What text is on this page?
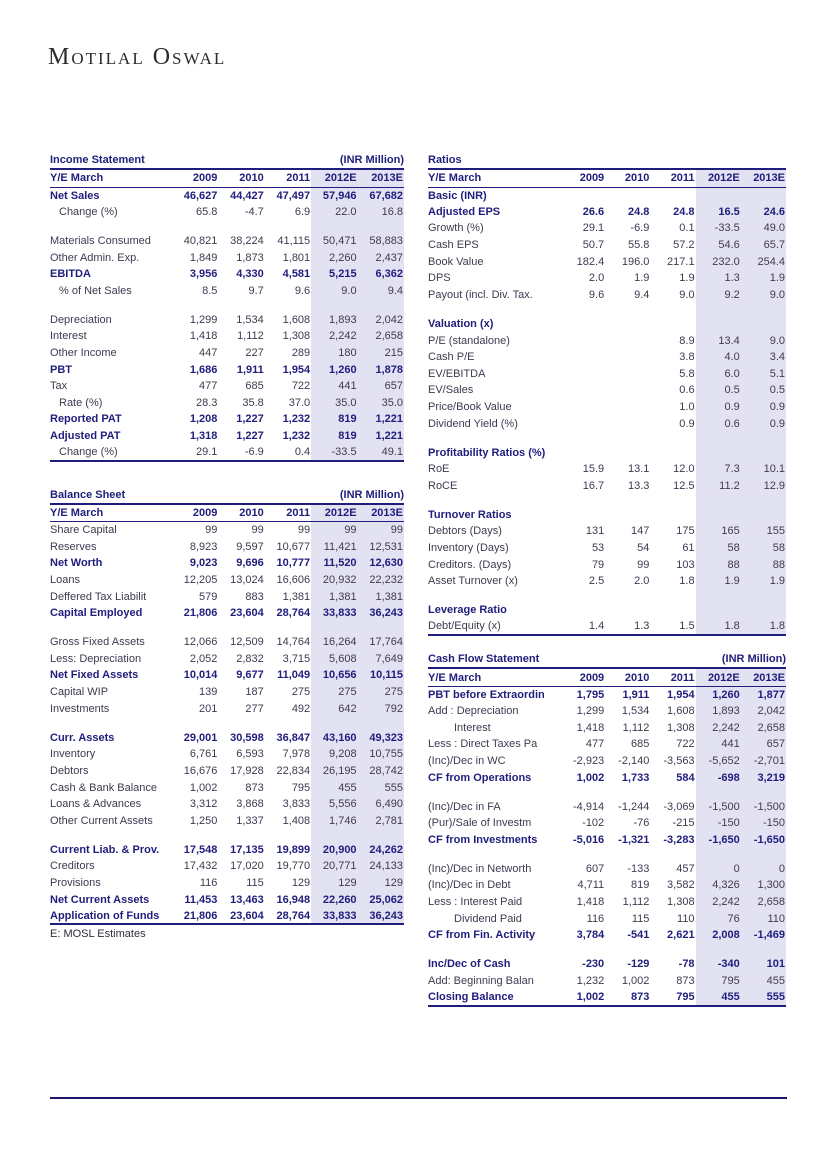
Motilal Oswal
Income Statement	(INR Million)
Y/E March	2009	2010	2011	2012E	2013E
Net Sales	46,627	44,427	47,497	57,946	67,682
Change (%)	65.8	-4.7	6.9	22.0	16.8

Materials Consumed	40,821	38,224	41,115	50,471	58,883
Other Admin. Exp.	1,849	1,873	1,801	2,260	2,437
EBITDA	3,956	4,330	4,581	5,215	6,362
% of Net Sales	8.5	9.7	9.6	9.0	9.4

Depreciation	1,299	1,534	1,608	1,893	2,042
Interest	1,418	1,112	1,308	2,242	2,658
Other Income	447	227	289	180	215
PBT	1,686	1,911	1,954	1,260	1,878
Tax	477	685	722	441	657
Rate (%)	28.3	35.8	37.0	35.0	35.0
Reported PAT	1,208	1,227	1,232	819	1,221
Adjusted PAT	1,318	1,227	1,232	819	1,221
Change (%)	29.1	-6.9	0.4	-33.5	49.1
Balance Sheet	(INR Million)
Y/E March	2009	2010	2011	2012E	2013E
Share Capital	99	99	99	99	99
Reserves	8,923	9,597	10,677	11,421	12,531
Net Worth	9,023	9,696	10,777	11,520	12,630
Loans	12,205	13,024	16,606	20,932	22,232
Deffered Tax Liabilit	579	883	1,381	1,381	1,381
Capital Employed	21,806	23,604	28,764	33,833	36,243

Gross Fixed Assets	12,066	12,509	14,764	16,264	17,764
Less: Depreciation	2,052	2,832	3,715	5,608	7,649
Net Fixed Assets	10,014	9,677	11,049	10,656	10,115
Capital WIP	139	187	275	275	275
Investments	201	277	492	642	792

Curr. Assets	29,001	30,598	36,847	43,160	49,323
Inventory	6,761	6,593	7,978	9,208	10,755
Debtors	16,676	17,928	22,834	26,195	28,742
Cash & Bank Balance	1,002	873	795	455	555
Loans & Advances	3,312	3,868	3,833	5,556	6,490
Other Current Assets	1,250	1,337	1,408	1,746	2,781

Current Liab. & Prov.	17,548	17,135	19,899	20,900	24,262
Creditors	17,432	17,020	19,770	20,771	24,133
Provisions	116	115	129	129	129
Net Current Assets	11,453	13,463	16,948	22,260	25,062
Application of Funds	21,806	23,604	28,764	33,833	36,243
E: MOSL Estimates
Ratios
Y/E March	2009	2010	2011	2012E	2013E
Basic (INR)					
Adjusted EPS	26.6	24.8	24.8	16.5	24.6
Growth (%)	29.1	-6.9	0.1	-33.5	49.0
Cash EPS	50.7	55.8	57.2	54.6	65.7
Book Value	182.4	196.0	217.1	232.0	254.4
DPS	2.0	1.9	1.9	1.3	1.9
Payout (incl. Div. Tax.	9.6	9.4	9.0	9.2	9.0

Valuation (x)					
P/E (standalone)			8.9	13.4	9.0
Cash P/E			3.8	4.0	3.4
EV/EBITDA			5.8	6.0	5.1
EV/Sales			0.6	0.5	0.5
Price/Book Value			1.0	0.9	0.9
Dividend Yield (%)			0.9	0.6	0.9

Profitability Ratios (%)					
RoE	15.9	13.1	12.0	7.3	10.1
RoCE	16.7	13.3	12.5	11.2	12.9

Turnover Ratios					
Debtors (Days)	131	147	175	165	155
Inventory (Days)	53	54	61	58	58
Creditors. (Days)	79	99	103	88	88
Asset Turnover (x)	2.5	2.0	1.8	1.9	1.9

Leverage Ratio					
Debt/Equity (x)	1.4	1.3	1.5	1.8	1.8
Cash Flow Statement	(INR Million)
Y/E March	2009	2010	2011	2012E	2013E
PBT before Extraordin	1,795	1,911	1,954	1,260	1,877
Add : Depreciation	1,299	1,534	1,608	1,893	2,042
Interest	1,418	1,112	1,308	2,242	2,658
Less : Direct Taxes Pa	477	685	722	441	657
(Inc)/Dec in WC	-2,923	-2,140	-3,563	-5,652	-2,701
CF from Operations	1,002	1,733	584	-698	3,219

(Inc)/Dec in FA	-4,914	-1,244	-3,069	-1,500	-1,500
(Pur)/Sale of Investm	-102	-76	-215	-150	-150
CF from Investments	-5,016	-1,321	-3,283	-1,650	-1,650

(Inc)/Dec in Networth	607	-133	457	0	0
(Inc)/Dec in Debt	4,711	819	3,582	4,326	1,300
Less : Interest Paid	1,418	1,112	1,308	2,242	2,658
Dividend Paid	116	115	110	76	110
CF from Fin. Activity	3,784	-541	2,621	2,008	-1,469

Inc/Dec of Cash	-230	-129	-78	-340	101
Add: Beginning Balan	1,232	1,002	873	795	455
Closing Balance	1,002	873	795	455	555
